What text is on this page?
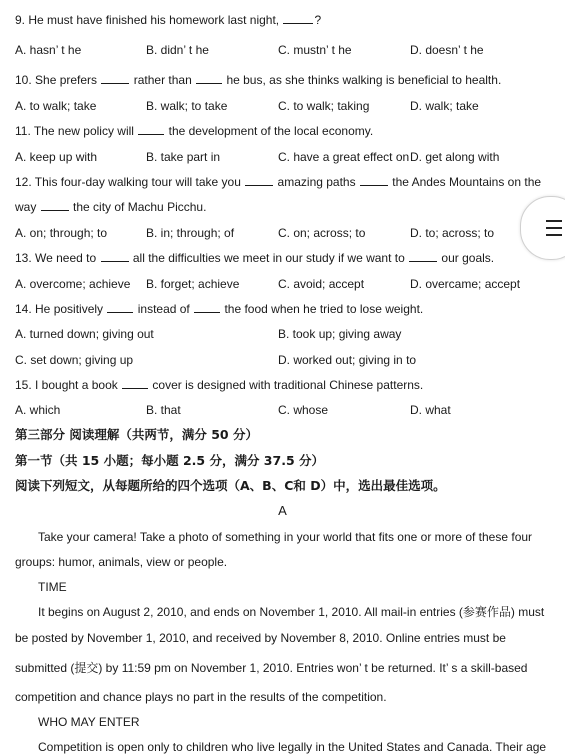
9. He must have finished his homework last night,	?
A. hasn’ t he	B. didn’ t he	C. mustn’ t he	D. doesn’ t he
10. She prefers	rather than  he bus, as she thinks walking is beneficial to health.
A. to walk; take	B. walk; to take	C. to walk; taking	D. walk; take
11. The new policy will  the development of the local economy.
A. keep up with	B. take part in	C. have a great effect on D. get along with
12. This four-day walking tour will take you	amazing paths	the Andes Mountains on the
way	the city of Machu Picchu.
A. on; through; to	B. in; through; of	C. on; across; to	D. to; across; to
13. We need to	all the difficulties we meet in our study if we want to	our goals.
A. overcome; achieve B. forget; achieve	C. avoid; accept	D. overcame; accept
14. He positively  instead of  the food when he tried to lose weight.
A. turned down; giving out	B. took up; giving away
C. set down; giving up	D. worked out; giving in to
15. I bought a book  cover is designed with traditional Chinese patterns.
A. which	B. that	C. whose	D. what
第三部分 阅读理解（共两节，满分 50 分）
第一节（共 15 小题；每小题 2.5 分，满分 37.5 分）
阅读下列短文，从每题所给的四个选项（A、B、C和 D）中，选出最佳选项。
A
Take your camera! Take a photo of something in your world that fits one or more of these four
groups: humor, animals, view or people.
TIME
It begins on August 2, 2010, and ends on November 1, 2010. All mail-in entries (参赛作品) must
be posted by November 1, 2010, and received by November 8, 2010. Online entries must be
submitted (提交) by 11:59 pm on November 1, 2010. Entries won’ t be returned. It’ s a skill-based
competition and chance plays no part in the results of the competition.
WHO MAY ENTER
Competition is open only to children who live legally in the United States and Canada. Their age
